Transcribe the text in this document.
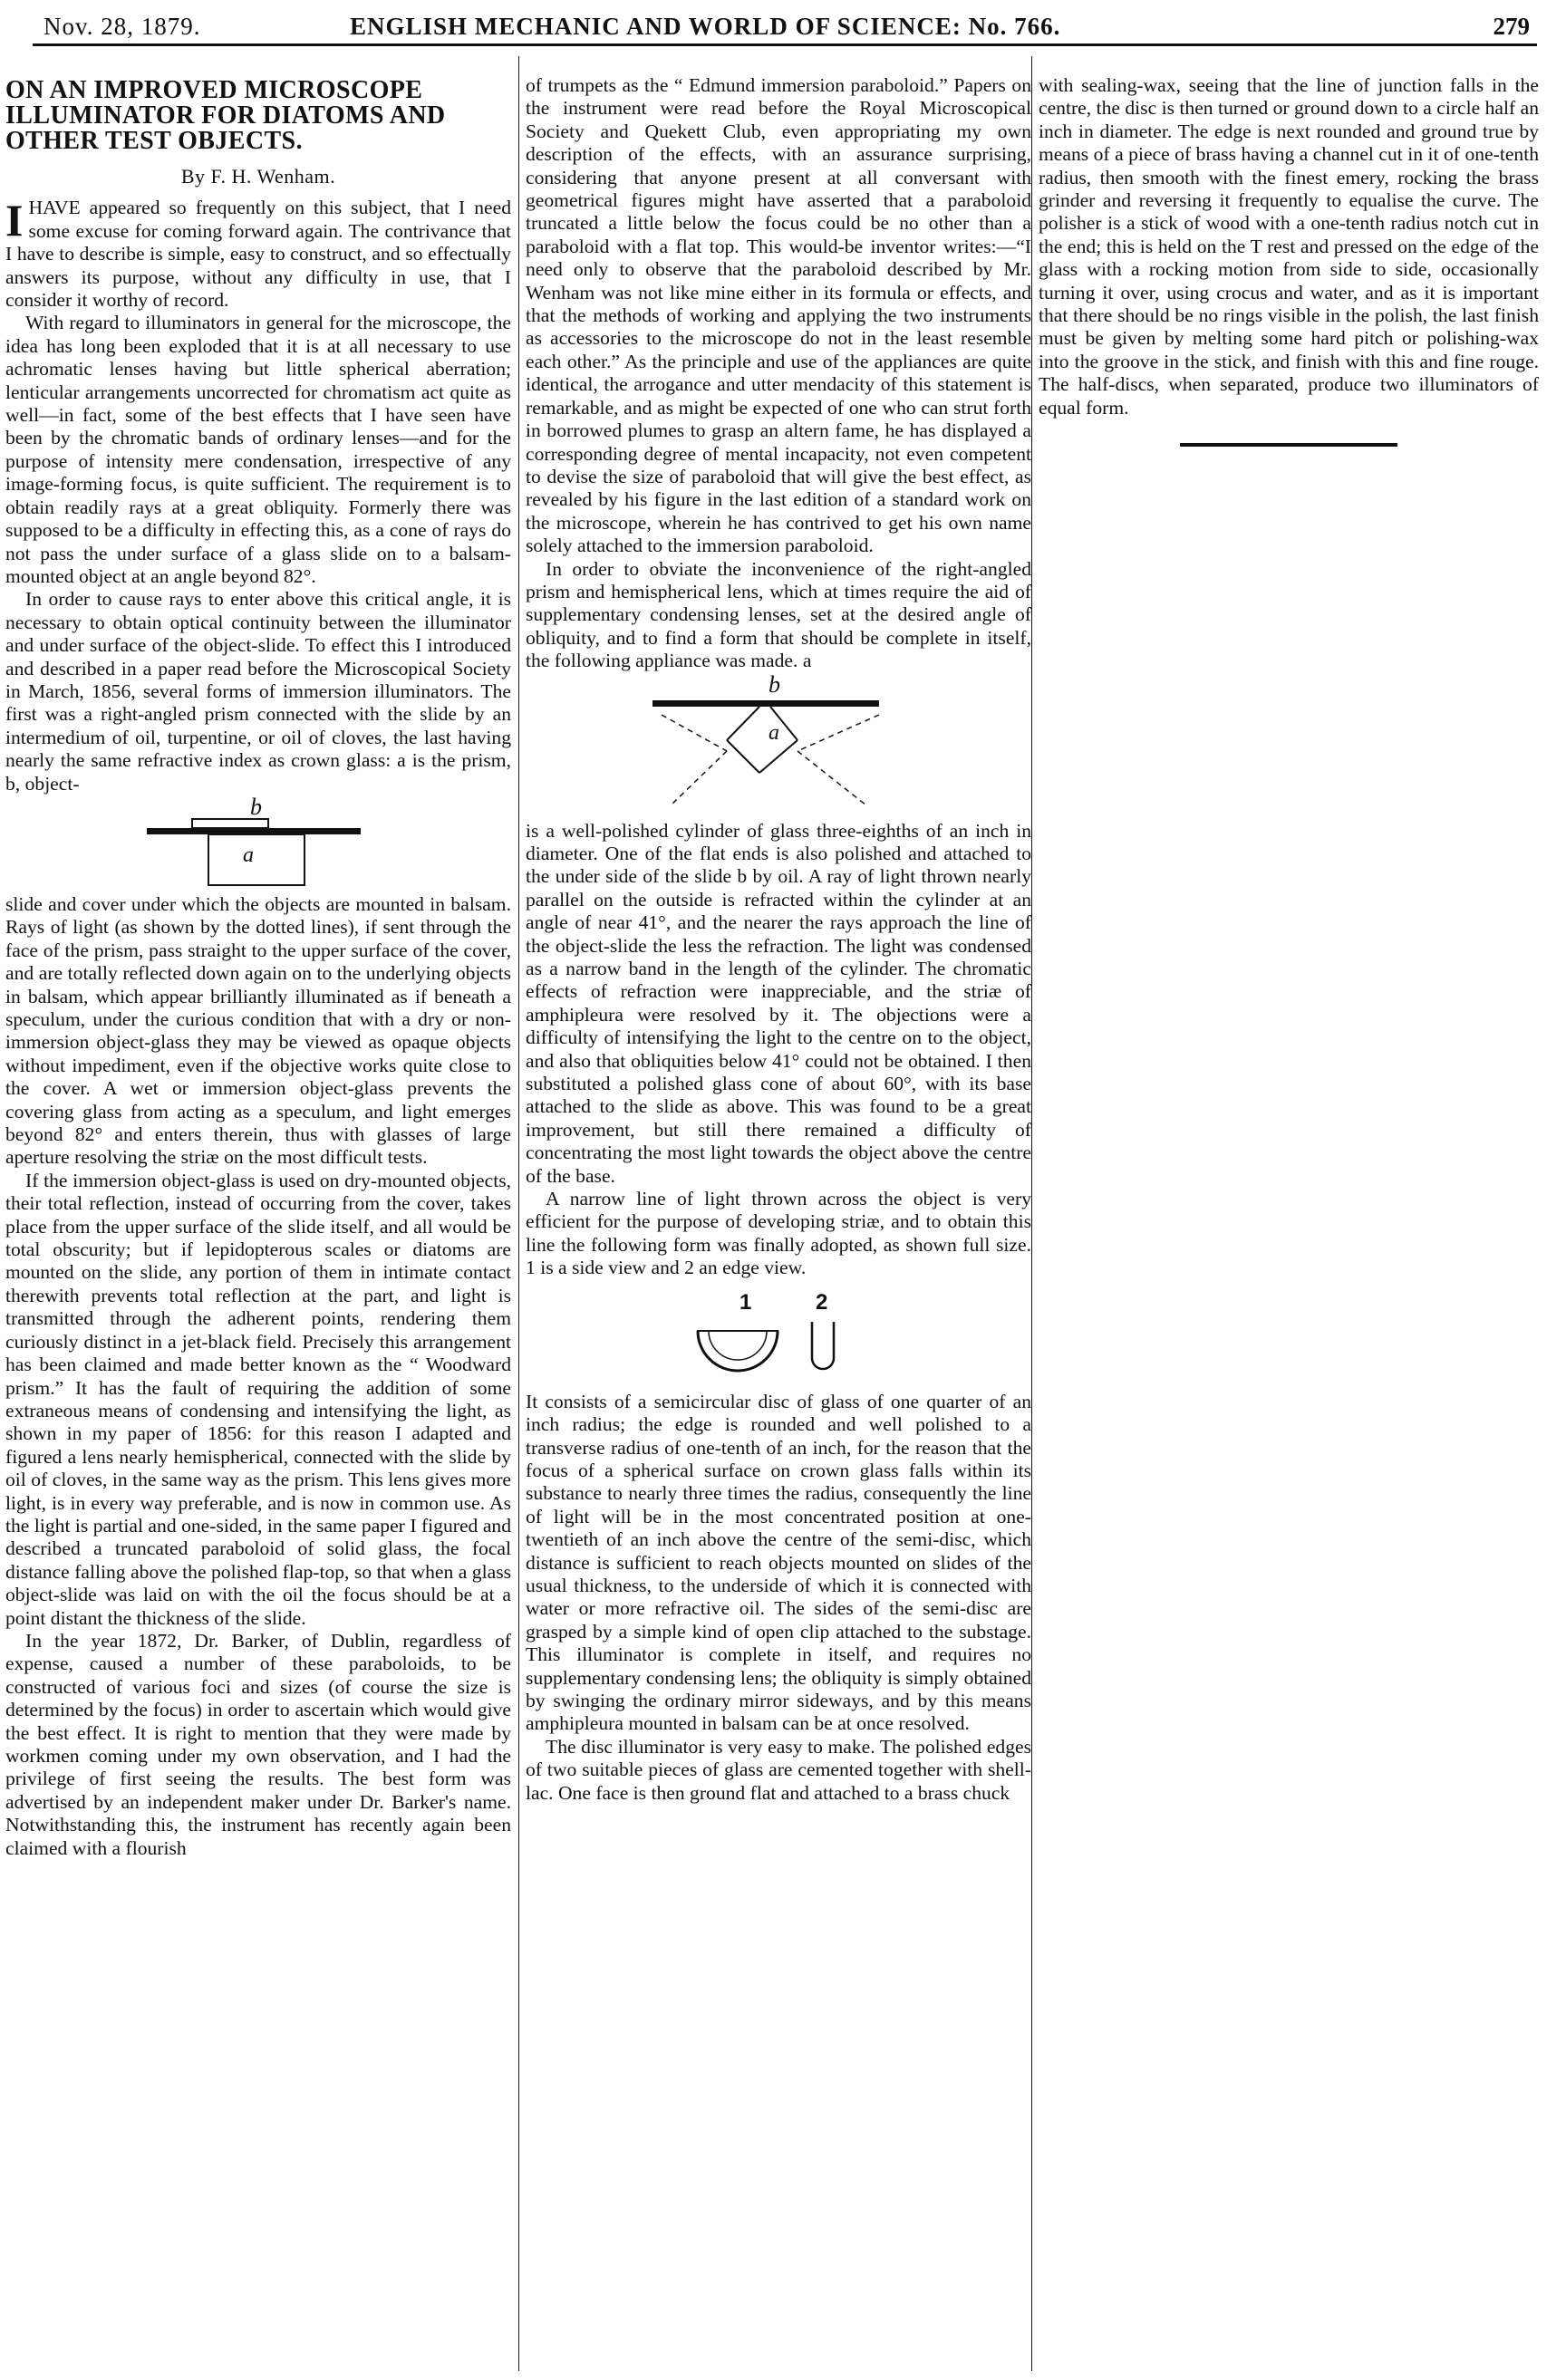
Nov. 28, 1879.	ENGLISH MECHANIC AND WORLD OF SCIENCE: No. 766.	279
ON AN IMPROVED MICROSCOPE ILLUMINATOR FOR DIATOMS AND OTHER TEST OBJECTS.
By F. H. Wenham.

IHAVE appeared so frequently on this subject, that I need some excuse for coming forward again. The contrivance that I have to describe is simple, easy to construct, and so effectually answers its purpose, without any difficulty in use, that I consider it worthy of record.

With regard to illuminators in general for the microscope, the idea has long been exploded that it is at all necessary to use achromatic lenses having but little spherical aberration; lenticular arrangements uncorrected for chromatism act quite as well—in fact, some of the best effects that I have seen have been by the chromatic bands of ordinary lenses—and for the purpose of intensity mere condensation, irrespective of any image-forming focus, is quite sufficient. The requirement is to obtain readily rays at a great obliquity. Formerly there was supposed to be a difficulty in effecting this, as a cone of rays do not pass the under surface of a glass slide on to a balsam-mounted object at an angle beyond 82°.

In order to cause rays to enter above this critical angle, it is necessary to obtain optical continuity between the illuminator and under surface of the object-slide. To effect this I introduced and described in a paper read before the Microscopical Society in March, 1856, several forms of immersion illuminators. The first was a right-angled prism connected with the slide by an intermedium of oil, turpentine, or oil of cloves, the last having nearly the same refractive index as crown glass: a is the prism, b, object-

b
a

slide and cover under which the objects are mounted in balsam. Rays of light (as shown by the dotted lines), if sent through the face of the prism, pass straight to the upper surface of the cover, and are totally reflected down again on to the underlying objects in balsam, which appear brilliantly illuminated as if beneath a speculum, under the curious condition that with a dry or non-immersion object-glass they may be viewed as opaque objects without impediment, even if the objective works quite close to the cover. A wet or immersion object-glass prevents the covering glass from acting as a speculum, and light emerges beyond 82° and enters therein, thus with glasses of large aperture resolving the striæ on the most difficult tests.

If the immersion object-glass is used on dry-mounted objects, their total reflection, instead of occurring from the cover, takes place from the upper surface of the slide itself, and all would be total obscurity; but if lepidopterous scales or diatoms are mounted on the slide, any portion of them in intimate contact therewith prevents total reflection at the part, and light is transmitted through the adherent points, rendering them curiously distinct in a jet-black field. Precisely this arrangement has been claimed and made better known as the “ Woodward prism.” It has the fault of requiring the addition of some extraneous means of condensing and intensifying the light, as shown in my paper of 1856: for this reason I adapted and figured a lens nearly hemispherical, connected with the slide by oil of cloves, in the same way as the prism. This lens gives more light, is in every way preferable, and is now in common use. As the light is partial and one-sided, in the same paper I figured and described a truncated paraboloid of solid glass, the focal distance falling above the polished flap-top, so that when a glass object-slide was laid on with the oil the focus should be at a point distant the thickness of the slide.

In the year 1872, Dr. Barker, of Dublin, regardless of expense, caused a number of these paraboloids, to be constructed of various foci and sizes (of course the size is determined by the focus) in order to ascertain which would give the best effect. It is right to mention that they were made by workmen coming under my own observation, and I had the privilege of first seeing the results. The best form was advertised by an independent maker under Dr. Barker's name. Notwithstanding this, the instrument has recently again been claimed with a flourish

of trumpets as the “ Edmund immersion paraboloid.” Papers on the instrument were read before the Royal Microscopical Society and Quekett Club, even appropriating my own description of the effects, with an assurance surprising, considering that anyone present at all conversant with geometrical figures might have asserted that a paraboloid truncated a little below the focus could be no other than a paraboloid with a flat top. This would-be inventor writes:—“I need only to observe that the paraboloid described by Mr. Wenham was not like mine either in its formula or effects, and that the methods of working and applying the two instruments as accessories to the microscope do not in the least resemble each other.” As the principle and use of the appliances are quite identical, the arrogance and utter mendacity of this statement is remarkable, and as might be expected of one who can strut forth in borrowed plumes to grasp an altern fame, he has displayed a corresponding degree of mental incapacity, not even competent to devise the size of paraboloid that will give the best effect, as revealed by his figure in the last edition of a standard work on the microscope, wherein he has contrived to get his own name solely attached to the immersion paraboloid.

In order to obviate the inconvenience of the right-angled prism and hemispherical lens, which at times require the aid of supplementary condensing lenses, set at the desired angle of obliquity, and to find a form that should be complete in itself, the following appliance was made. a

b
a

is a well-polished cylinder of glass three-eighths of an inch in diameter. One of the flat ends is also polished and attached to the under side of the slide b by oil. A ray of light thrown nearly parallel on the outside is refracted within the cylinder at an angle of near 41°, and the nearer the rays approach the line of the object-slide the less the refraction. The light was condensed as a narrow band in the length of the cylinder. The chromatic effects of refraction were inappreciable, and the striæ of amphipleura were resolved by it. The objections were a difficulty of intensifying the light to the centre on to the object, and also that obliquities below 41° could not be obtained. I then substituted a polished glass cone of about 60°, with its base attached to the slide as above. This was found to be a great improvement, but still there remained a difficulty of concentrating the most light towards the object above the centre of the base.

A narrow line of light thrown across the object is very efficient for the purpose of developing striæ, and to obtain this line the following form was finally adopted, as shown full size. 1 is a side view and 2 an edge view.

1	2

It consists of a semicircular disc of glass of one quarter of an inch radius; the edge is rounded and well polished to a transverse radius of one-tenth of an inch, for the reason that the focus of a spherical surface on crown glass falls within its substance to nearly three times the radius, consequently the line of light will be in the most concentrated position at one-twentieth of an inch above the centre of the semi-disc, which distance is sufficient to reach objects mounted on slides of the usual thickness, to the underside of which it is connected with water or more refractive oil. The sides of the semi-disc are grasped by a simple kind of open clip attached to the substage. This illuminator is complete in itself, and requires no supplementary condensing lens; the obliquity is simply obtained by swinging the ordinary mirror sideways, and by this means amphipleura mounted in balsam can be at once resolved.

The disc illuminator is very easy to make. The polished edges of two suitable pieces of glass are cemented together with shell-lac. One face is then ground flat and attached to a brass chuck

with sealing-wax, seeing that the line of junction falls in the centre, the disc is then turned or ground down to a circle half an inch in diameter. The edge is next rounded and ground true by means of a piece of brass having a channel cut in it of one-tenth radius, then smooth with the finest emery, rocking the brass grinder and reversing it frequently to equalise the curve. The polisher is a stick of wood with a one-tenth radius notch cut in the end; this is held on the T rest and pressed on the edge of the glass with a rocking motion from side to side, occasionally turning it over, using crocus and water, and as it is important that there should be no rings visible in the polish, the last finish must be given by melting some hard pitch or polishing-wax into the groove in the stick, and finish with this and fine rouge. The half-discs, when separated, produce two illuminators of equal form.
